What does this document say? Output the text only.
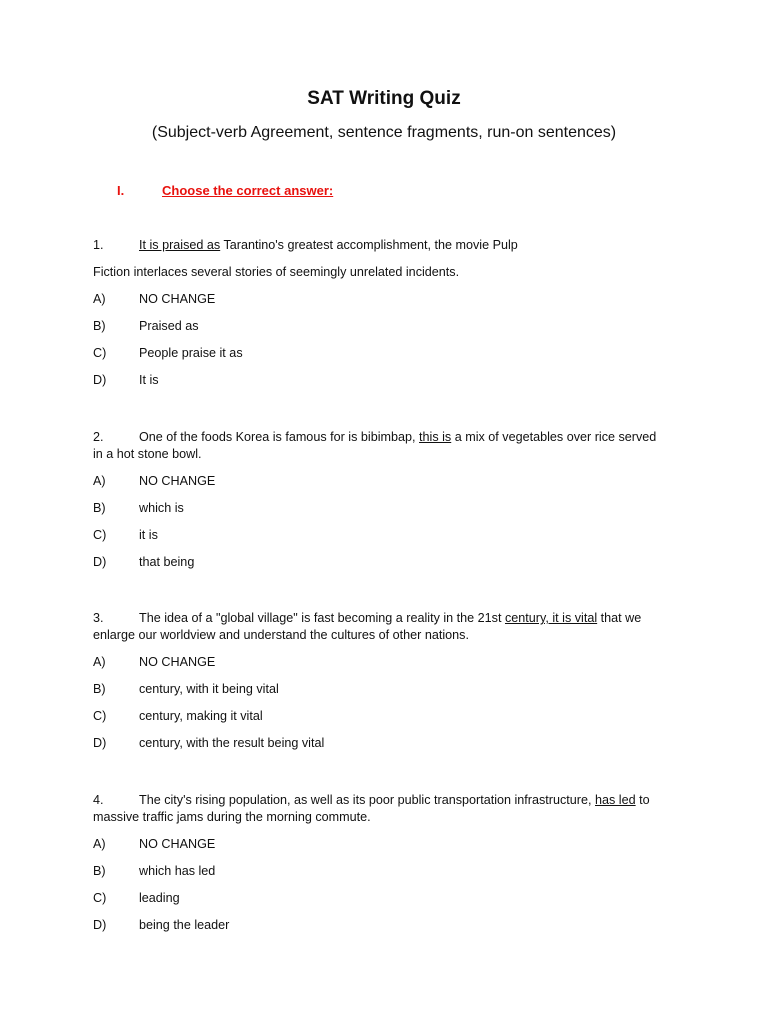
SAT Writing Quiz
(Subject-verb Agreement, sentence fragments, run-on sentences)
I.	Choose the correct answer:

1.	It is praised as Tarantino's greatest accomplishment, the movie Pulp
Fiction interlaces several stories of seemingly unrelated incidents.

A)	NO CHANGE
B)	Praised as
C)	People praise it as
D)	It is

2.	One of the foods Korea is famous for is bibimbap, this is a mix of vegetables over rice served
in a hot stone bowl.

A)	NO CHANGE
B)	which is
C)	it is
D)	that being

3.	The idea of a "global village" is fast becoming a reality in the 21st century, it is vital that we
enlarge our worldview and understand the cultures of other nations.

A)	NO CHANGE
B)	century, with it being vital
C)	century, making it vital
D)	century, with the result being vital

4.	The city's rising population, as well as its poor public transportation infrastructure, has led to
massive traffic jams during the morning commute.

A)	NO CHANGE
B)	which has led
C)	leading
D)	being the leader
